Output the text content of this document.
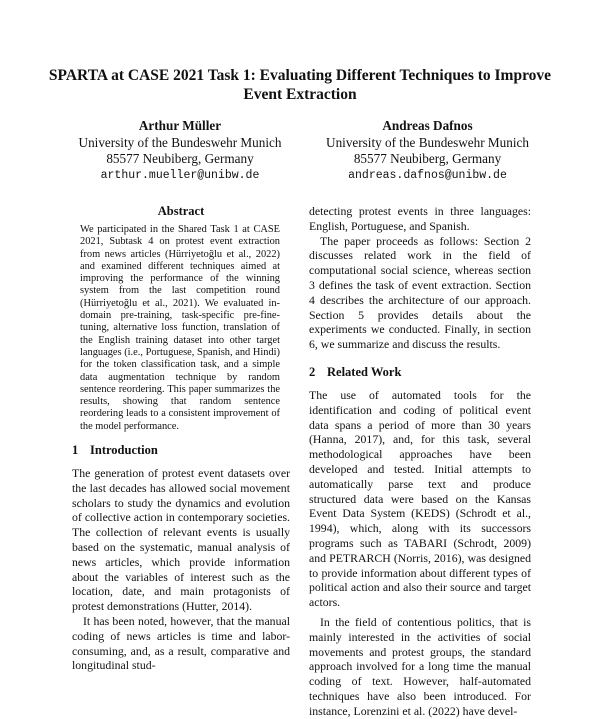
SPARTA at CASE 2021 Task 1: Evaluating Different Techniques to Improve Event Extraction
Arthur Müller
University of the Bundeswehr Munich
85577 Neubiberg, Germany
arthur.mueller@unibw.de
Andreas Dafnos
University of the Bundeswehr Munich
85577 Neubiberg, Germany
andreas.dafnos@unibw.de
Abstract

We participated in the Shared Task 1 at CASE 2021, Subtask 4 on protest event extraction from news articles (Hürriyetoğlu et al., 2022) and examined different techniques aimed at improving the performance of the winning system from the last competition round (Hürriyetoğlu et al., 2021). We evaluated in-domain pre-training, task-specific pre-fine-tuning, alternative loss function, translation of the English training dataset into other target languages (i.e., Portuguese, Spanish, and Hindi) for the token classification task, and a simple data augmentation technique by random sentence reordering. This paper summarizes the results, showing that random sentence reordering leads to a consistent improvement of the model performance.

1 Introduction

The generation of protest event datasets over the last decades has allowed social movement scholars to study the dynamics and evolution of collective action in contemporary societies. The collection of relevant events is usually based on the systematic, manual analysis of news articles, which provide information about the variables of interest such as the location, date, and main protagonists of protest demonstrations (Hutter, 2014).

It has been noted, however, that the manual coding of news articles is time and labor-consuming, and, as a result, comparative and longitudinal stud-

detecting protest events in three languages: English, Portuguese, and Spanish.

The paper proceeds as follows: Section 2 discusses related work in the field of computational social science, whereas section 3 defines the task of event extraction. Section 4 describes the architecture of our approach. Section 5 provides details about the experiments we conducted. Finally, in section 6, we summarize and discuss the results.

2 Related Work

The use of automated tools for the identification and coding of political event data spans a period of more than 30 years (Hanna, 2017), and, for this task, several methodological approaches have been developed and tested. Initial attempts to automatically parse text and produce structured data were based on the Kansas Event Data System (KEDS) (Schrodt et al., 1994), which, along with its successors programs such as TABARI (Schrodt, 2009) and PETRARCH (Norris, 2016), was designed to provide information about different types of political action and also their source and target actors.

In the field of contentious politics, that is mainly interested in the activities of social movements and protest groups, the standard approach involved for a long time the manual coding of text. However, half-automated techniques have also been introduced. For instance, Lorenzini et al. (2022) have devel-
